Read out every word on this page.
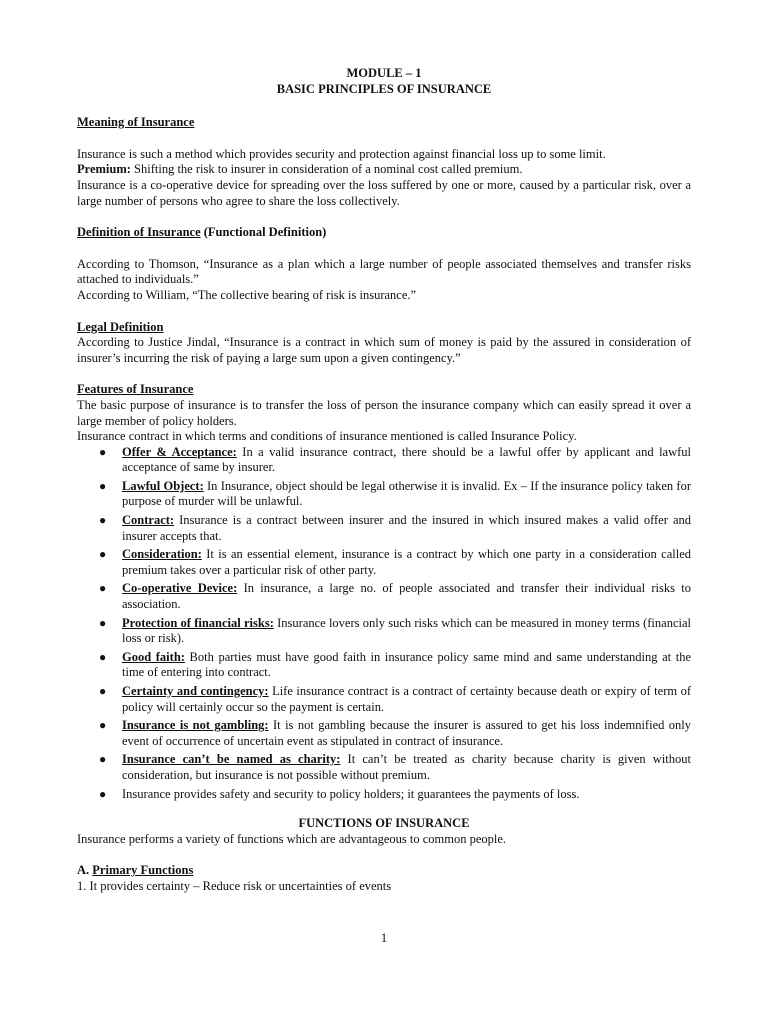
MODULE – 1
BASIC PRINCIPLES OF INSURANCE
Meaning of Insurance

Insurance is such a method which provides security and protection against financial loss up to some limit.

Premium: Shifting the risk to insurer in consideration of a nominal cost called premium.

Insurance is a co-operative device for spreading over the loss suffered by one or more, caused by a particular risk, over a large number of persons who agree to share the loss collectively.

Definition of Insurance (Functional Definition)

According to Thomson, “Insurance as a plan which a large number of people associated themselves and transfer risks attached to individuals.”

According to William, “The collective bearing of risk is insurance.”

Legal Definition

According to Justice Jindal, “Insurance is a contract in which sum of money is paid by the assured in consideration of insurer’s incurring the risk of paying a large sum upon a given contingency.”

Features of Insurance

The basic purpose of insurance is to transfer the loss of person the insurance company which can easily spread it over a large member of policy holders.

Insurance contract in which terms and conditions of insurance mentioned is called Insurance Policy.

● Offer & Acceptance: In a valid insurance contract, there should be a lawful offer by applicant and lawful acceptance of same by insurer.
● Lawful Object: In Insurance, object should be legal otherwise it is invalid. Ex – If the insurance policy taken for purpose of murder will be unlawful.
● Contract: Insurance is a contract between insurer and the insured in which insured makes a valid offer and insurer accepts that.
● Consideration: It is an essential element, insurance is a contract by which one party in a consideration called premium takes over a particular risk of other party.
● Co-operative Device: In insurance, a large no. of people associated and transfer their individual risks to association.
● Protection of financial risks: Insurance lovers only such risks which can be measured in money terms (financial loss or risk).
● Good faith: Both parties must have good faith in insurance policy same mind and same understanding at the time of entering into contract.
● Certainty and contingency: Life insurance contract is a contract of certainty because death or expiry of term of policy will certainly occur so the payment is certain.
● Insurance is not gambling: It is not gambling because the insurer is assured to get his loss indemnified only event of occurrence of uncertain event as stipulated in contract of insurance.
● Insurance can’t be named as charity: It can’t be treated as charity because charity is given without consideration, but insurance is not possible without premium.
● Insurance provides safety and security to policy holders; it guarantees the payments of loss.
FUNCTIONS OF INSURANCE

Insurance performs a variety of functions which are advantageous to common people.

A. Primary Functions

1. It provides certainty – Reduce risk or uncertainties of events

1
